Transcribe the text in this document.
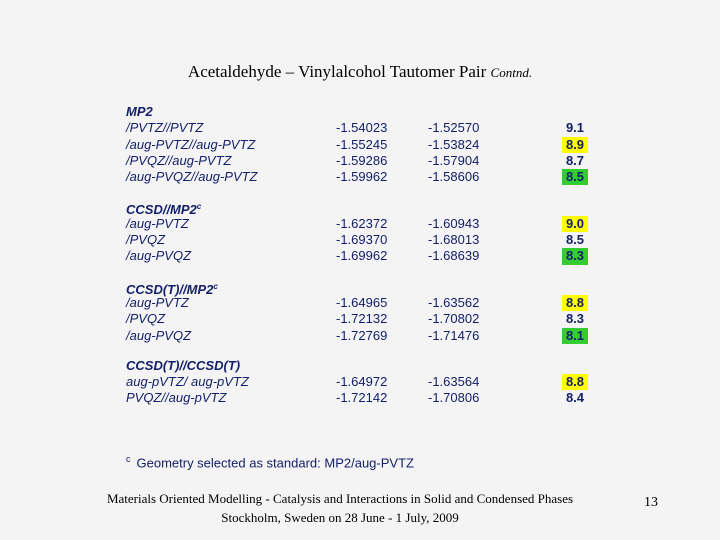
Acetaldehyde – Vinylalcohol Tautomer Pair Contnd.
MP2
/PVTZ//PVTZ	-1.54023	-1.52570	9.1
/aug-PVTZ//aug-PVTZ	-1.55245	-1.53824	8.9
/PVQZ//aug-PVTZ	-1.59286	-1.57904	8.7
/aug-PVQZ//aug-PVTZ	-1.59962	-1.58606	8.5
CCSD//MP2$^c$
/aug-PVTZ	-1.62372	-1.60943	9.0
/PVQZ	-1.69370	-1.68013	8.5
/aug-PVQZ	-1.69962	-1.68639	8.3
CCSD(T)//MP2$^c$
/aug-PVTZ	-1.64965	-1.63562	8.8
/PVQZ	-1.72132	-1.70802	8.3
/aug-PVQZ	-1.72769	-1.71476	8.1
CCSD(T)//CCSD(T)
aug-pVTZ/ aug-pVTZ	-1.64972	-1.63564	8.8
PVQZ//aug-pVTZ	-1.72142	-1.70806	8.4
$^c$ Geometry selected as standard: MP2/aug-PVTZ
Materials Oriented Modelling - Catalysis and Interactions in Solid and Condensed Phases
Stockholm, Sweden on 28 June - 1 July, 2009
13
